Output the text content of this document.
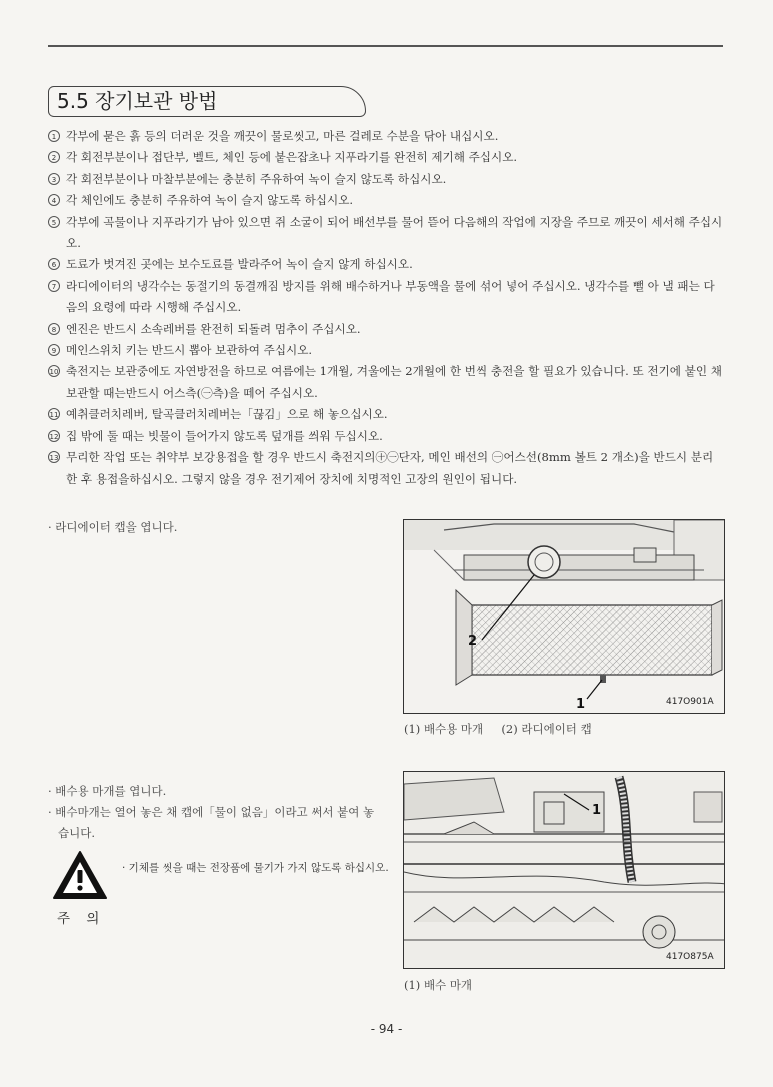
5.5 장기보관 방법

1 각부에 묻은 흙 등의 더러운 것을 깨끗이 물로씻고, 마른 걸레로 수분을 닦아 내십시오.

2 각 회전부분이나 접단부, 벨트, 체인 등에 붙은잡초나 지푸라기를 완전히 제기해 주십시오.

3 각 회전부분이나 마찰부분에는 충분히 주유하여 녹이 슬지 않도록 하십시오.

4 각 체인에도 충분히 주유하여 녹이 슬지 않도록 하십시오.

5 각부에 곡물이나 지푸라기가 남아 있으면 쥐 소굴이 되어 배선부를 물어 뜯어 다음해의 작업에 지장을 주므로 깨끗이 세서해 주십시오.

6 도료가 벗겨진 곳에는 보수도료를 발라주어 녹이 슬지 않게 하십시오.

7 라디에이터의 냉각수는 동절기의 동결깨짐 방지를 위해 배수하거나 부동액을 물에 섞어 넣어 주십시오. 냉각수를 뺄 아 낼 패는 다음의 요령에 따라 시행해 주십시오.

8 엔진은 반드시 소속레버를 완전히 되돌려 멈추이 주십시오.

9 메인스위치 키는 반드시 뽑아 보관하여 주십시오.

10 축전지는 보관중에도 자연방전을 하므로 여름에는 1개월, 겨울에는 2개월에 한 번씩 충전을 할 필요가 있습니다. 또 전기에 붙인 채 보관할 때는반드시 어스측(㊀측)을 떼어 주십시오.

11 예취클러치레버, 탈곡클러치레버는「끊김」으로 해 놓으십시오.

12 집 밖에 둘 때는 빗물이 들어가지 않도록 덮개를 씌워 두십시오.

13 무리한 작업 또는 취약부 보강용접을 할 경우 반드시 축전지의㊉㊀단자, 메인 배선의 ㊀어스선(8mm 볼트 2 개소)을 반드시 분리한 후 용접을하십시오. 그렇지 않을 경우 전기제어 장치에 치명적인 고장의 원인이 됩니다.

· 라디에이터 캡을 엽니다.
2
1	417O901A
(1) 배수용 마개     (2) 라디에이터 캡
· 배수용 마개를 엽니다.
· 배수마개는 열어 놓은 채 캡에「물이 없음」이라고 써서 붙여 놓습니다.
1
417O875A
(1) 배수 마개
주 의
· 기체를 씻을 때는 전장품에 물기가 가지 않도록 하십시오.
- 94 -
